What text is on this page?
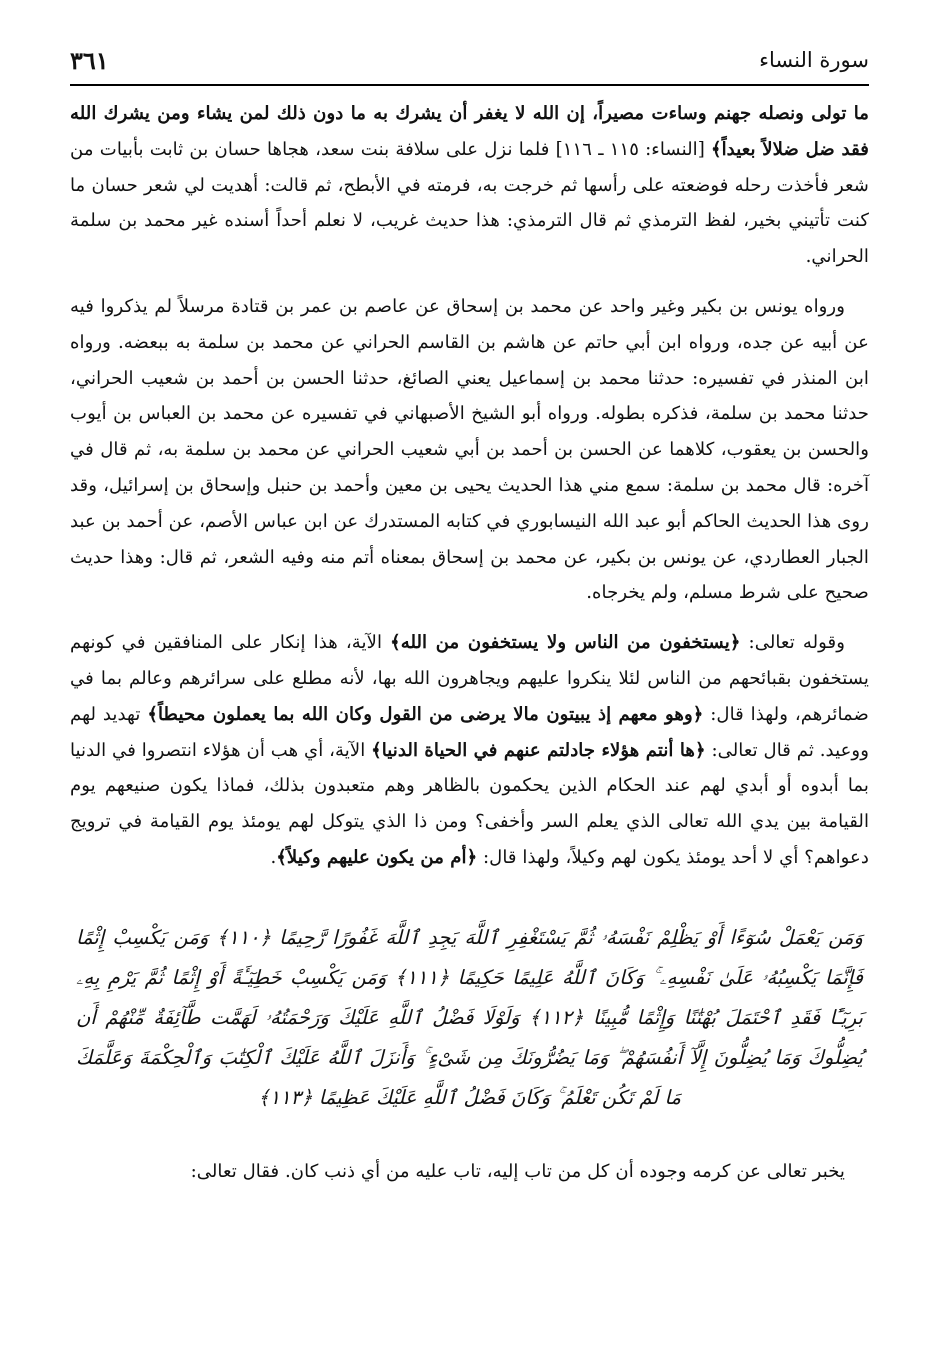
سورة النساء
٣٦١

ما تولى ونصله جهنم وساءت مصيراً، إن الله لا يغفر أن يشرك به ما دون ذلك لمن يشاء ومن يشرك الله فقد ضل ضلالاً بعيداً﴾ [النساء: ١١٥ ـ ١١٦] فلما نزل على سلافة بنت سعد، هجاها حسان بن ثابت بأبيات من شعر فأخذت رحله فوضعته على رأسها ثم خرجت به، فرمته في الأبطح، ثم قالت: أهديت لي شعر حسان ما كنت تأتيني بخير، لفظ الترمذي ثم قال الترمذي: هذا حديث غريب، لا نعلم أحداً أسنده غير محمد بن سلمة الحراني.

ورواه يونس بن بكير وغير واحد عن محمد بن إسحاق عن عاصم بن عمر بن قتادة مرسلاً لم يذكروا فيه عن أبيه عن جده، ورواه ابن أبي حاتم عن هاشم بن القاسم الحراني عن محمد بن سلمة به ببعضه. ورواه ابن المنذر في تفسيره: حدثنا محمد بن إسماعيل يعني الصائغ، حدثنا الحسن بن أحمد بن شعيب الحراني، حدثنا محمد بن سلمة، فذكره بطوله. ورواه أبو الشيخ الأصبهاني في تفسيره عن محمد بن العباس بن أيوب والحسن بن يعقوب، كلاهما عن الحسن بن أحمد بن أبي شعيب الحراني عن محمد بن سلمة به، ثم قال في آخره: قال محمد بن سلمة: سمع مني هذا الحديث يحيى بن معين وأحمد بن حنبل وإسحاق بن إسرائيل، وقد روى هذا الحديث الحاكم أبو عبد الله النيسابوري في كتابه المستدرك عن ابن عباس الأصم، عن أحمد بن عبد الجبار العطاردي، عن يونس بن بكير، عن محمد بن إسحاق بمعناه أتم منه وفيه الشعر، ثم قال: وهذا حديث صحيح على شرط مسلم، ولم يخرجاه.

وقوله تعالى: ﴿يستخفون من الناس ولا يستخفون من الله﴾ الآية، هذا إنكار على المنافقين في كونهم يستخفون بقبائحهم من الناس لئلا ينكروا عليهم ويجاهرون الله بها، لأنه مطلع على سرائرهم وعالم بما في ضمائرهم، ولهذا قال: ﴿وهو معهم إذ يبيتون مالا يرضى من القول وكان الله بما يعملون محيطاً﴾ تهديد لهم ووعيد. ثم قال تعالى: ﴿ها أنتم هؤلاء جادلتم عنهم في الحياة الدنيا﴾ الآية، أي هب أن هؤلاء انتصروا في الدنيا بما أبدوه أو أبدي لهم عند الحكام الذين يحكمون بالظاهر وهم متعبدون بذلك، فماذا يكون صنيعهم يوم القيامة بين يدي الله تعالى الذي يعلم السر وأخفى؟ ومن ذا الذي يتوكل لهم يومئذ يوم القيامة في ترويج دعواهم؟ أي لا أحد يومئذ يكون لهم وكيلاً، ولهذا قال: ﴿أم من يكون عليهم وكيلاً﴾.

وَمَن يَعْمَلْ سُوٓءًا أَوْ يَظْلِمْ نَفْسَهُۥ ثُمَّ يَسْتَغْفِرِ ٱللَّهَ يَجِدِ ٱللَّهَ غَفُورًا رَّحِيمًا ﴿١١٠﴾ وَمَن يَكْسِبْ إِثْمًا فَإِنَّمَا يَكْسِبُهُۥ عَلَىٰ نَفْسِهِۦ ۚ وَكَانَ ٱللَّهُ عَلِيمًا حَكِيمًا ﴿١١١﴾ وَمَن يَكْسِبْ خَطِيٓـَٔةً أَوْ إِثْمًا ثُمَّ يَرْمِ بِهِۦ بَرِيٓـًٔا فَقَدِ ٱحْتَمَلَ بُهْتَٰنًا وَإِثْمًا مُّبِينًا ﴿١١٢﴾ وَلَوْلَا فَضْلُ ٱللَّهِ عَلَيْكَ وَرَحْمَتُهُۥ لَهَمَّت طَّآئِفَةٌ مِّنْهُمْ أَن يُضِلُّوكَ وَمَا يُضِلُّونَ إِلَّآ أَنفُسَهُمْ ۖ وَمَا يَضُرُّونَكَ مِن شَىْءٍ ۚ وَأَنزَلَ ٱللَّهُ عَلَيْكَ ٱلْكِتَٰبَ وَٱلْحِكْمَةَ وَعَلَّمَكَ مَا لَمْ تَكُن تَعْلَمُ ۚ وَكَانَ فَضْلُ ٱللَّهِ عَلَيْكَ عَظِيمًا ﴿١١٣﴾

يخبر تعالى عن كرمه وجوده أن كل من تاب إليه، تاب عليه من أي ذنب كان. فقال تعالى:
